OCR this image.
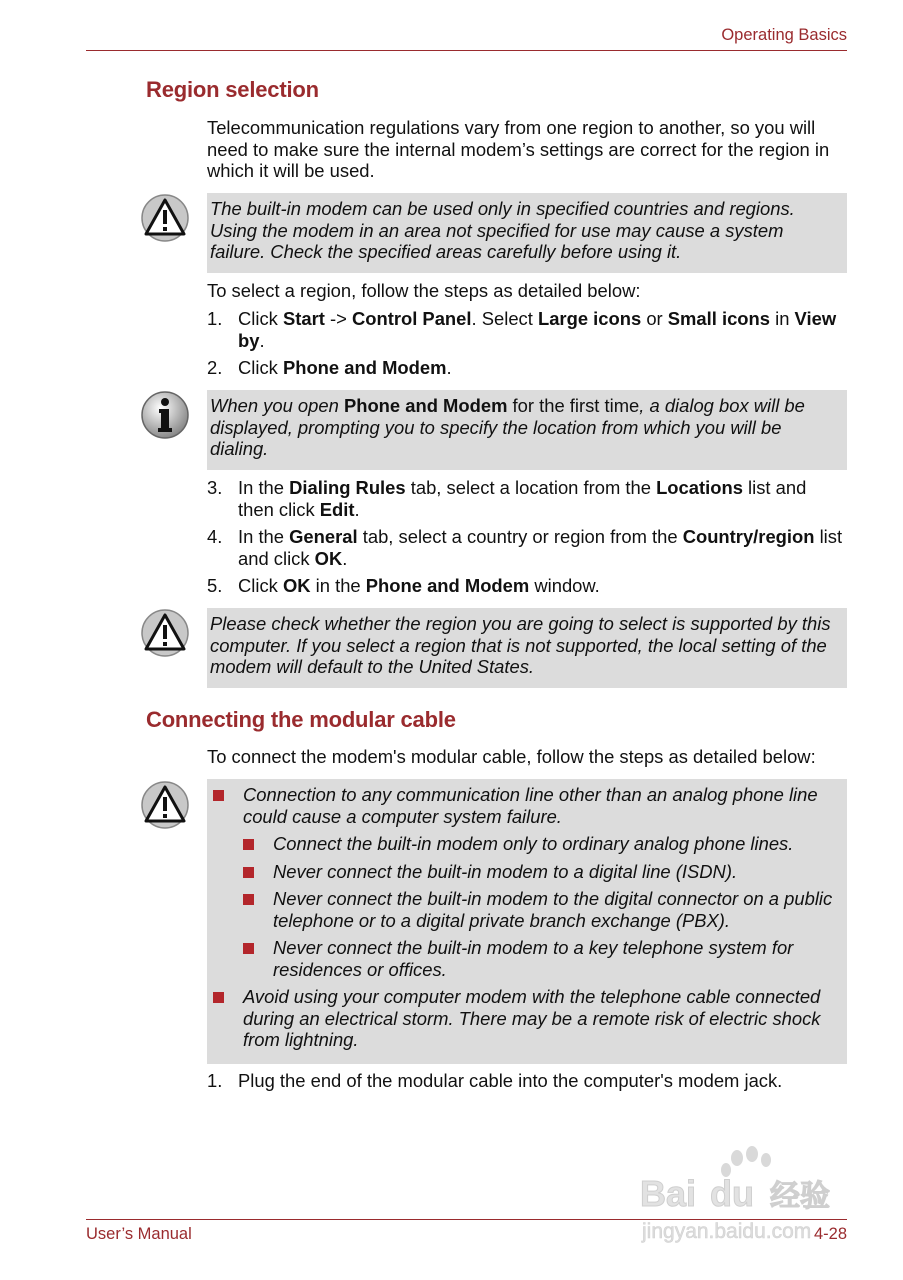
Operating Basics
User’s Manual	4-28
Region selection
Telecommunication regulations vary from one region to another, so you will need to make sure the internal modem’s settings are correct for the region in which it will be used.
The built-in modem can be used only in specified countries and regions. Using the modem in an area not specified for use may cause a system failure. Check the specified areas carefully before using it.
To select a region, follow the steps as detailed below:
1. Click Start -> Control Panel. Select Large icons or Small icons in View by.
2. Click Phone and Modem.
When you open Phone and Modem for the first time, a dialog box will be displayed, prompting you to specify the location from which you will be dialing.
3. In the Dialing Rules tab, select a location from the Locations list and then click Edit.
4. In the General tab, select a country or region from the Country/region list and click OK.
5. Click OK in the Phone and Modem window.
Please check whether the region you are going to select is supported by this computer. If you select a region that is not supported, the local setting of the modem will default to the United States.
Connecting the modular cable
To connect the modem's modular cable, follow the steps as detailed below:
Connection to any communication line other than an analog phone line could cause a computer system failure.
Connect the built-in modem only to ordinary analog phone lines.
Never connect the built-in modem to a digital line (ISDN).
Never connect the built-in modem to the digital connector on a public telephone or to a digital private branch exchange (PBX).
Never connect the built-in modem to a key telephone system for residences or offices.
Avoid using your computer modem with the telephone cable connected during an electrical storm. There may be a remote risk of electric shock from lightning.
1. Plug the end of the modular cable into the computer's modem jack.
Bai du 经验
jingyan.baidu.com
